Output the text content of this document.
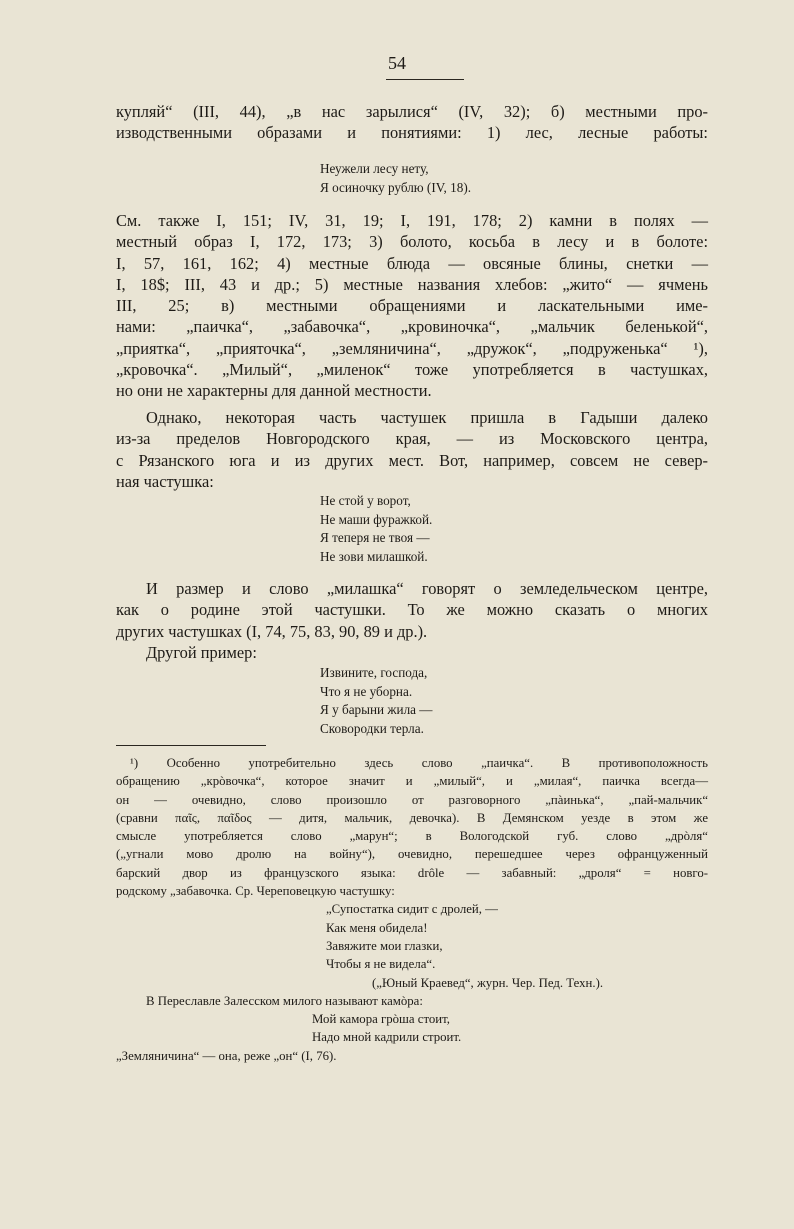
54
купляй“ (III, 44), „в нас зарылися“ (IV, 32); б) местными про-
изводственными образами и понятиями: 1) лес, лесные работы:
Неужели лесу нету,
Я осиночку рублю (IV, 18).
См. также I, 151; IV, 31, 19; I, 191, 178; 2) камни в полях —
местный образ I, 172, 173; 3) болото, косьба в лесу и в болоте:
I, 57, 161, 162; 4) местные блюда — овсяные блины, снетки —
I, 18$; III, 43 и др.; 5) местные названия хлебов: „жито“ — ячмень
III, 25; в) местными обращениями и ласкательными име-
нами: „паичка“, „забавочка“, „кровиночка“, „мальчик беленькой“,
„приятка“, „прияточка“, „земляничина“, „дружок“, „подруженька“ ¹),
„кровочка“. „Милый“, „миленок“ тоже употребляется в частушках,
но они не характерны для данной местности.
Однако, некоторая часть частушек пришла в Гадыши далеко
из-за пределов Новгородского края, — из Московского центра,
с Рязанского юга и из других мест. Вот, например, совсем не север-
ная частушка:
Не стой у ворот,
Не маши фуражкой.
Я теперя не твоя —
Не зови милашкой.
И размер и слово „милашка“ говорят о земледельческом центре,
как о родине этой частушки. То же можно сказать о многих
других частушках (I, 74, 75, 83, 90, 89 и др.).
Другой пример:
Извините, господа,
Что я не уборна.
Я у барыни жила —
Сковородки терла.
¹) Особенно употребительно здесь слово „паичка“. В противоположность
обращению „крòвочка“, которое значит и „милый“, и „милая“, паичка всегда—
он — очевидно, слово произошло от разговорного „пàинька“, „пай-мальчик“
(сравни παῖς, παῖδος — дитя, мальчик, девочка). В Демянском уезде в этом же
смысле употребляется слово „марун“; в Вологодской губ. слово „дрòля“
(„угнали мово дролю на войну“), очевидно, перешедшее через офранцуженный
барский двор из французского языка: drôle — забавный: „дроля“ = новго-
родскому „забавочка. Ср. Череповецкую частушку:
„Супостатка сидит с дролей, —
Как меня обидела!
Завяжите мои глазки,
Чтобы я не видела“.
(„Юный Краевед“, журн. Чер. Пед. Техн.).
В Переславле Залесском милого называют камòра:
Мой камора грòша стоит,
Надо мной кадрили строит.
„Земляничина“ — она, реже „он“ (I, 76).
